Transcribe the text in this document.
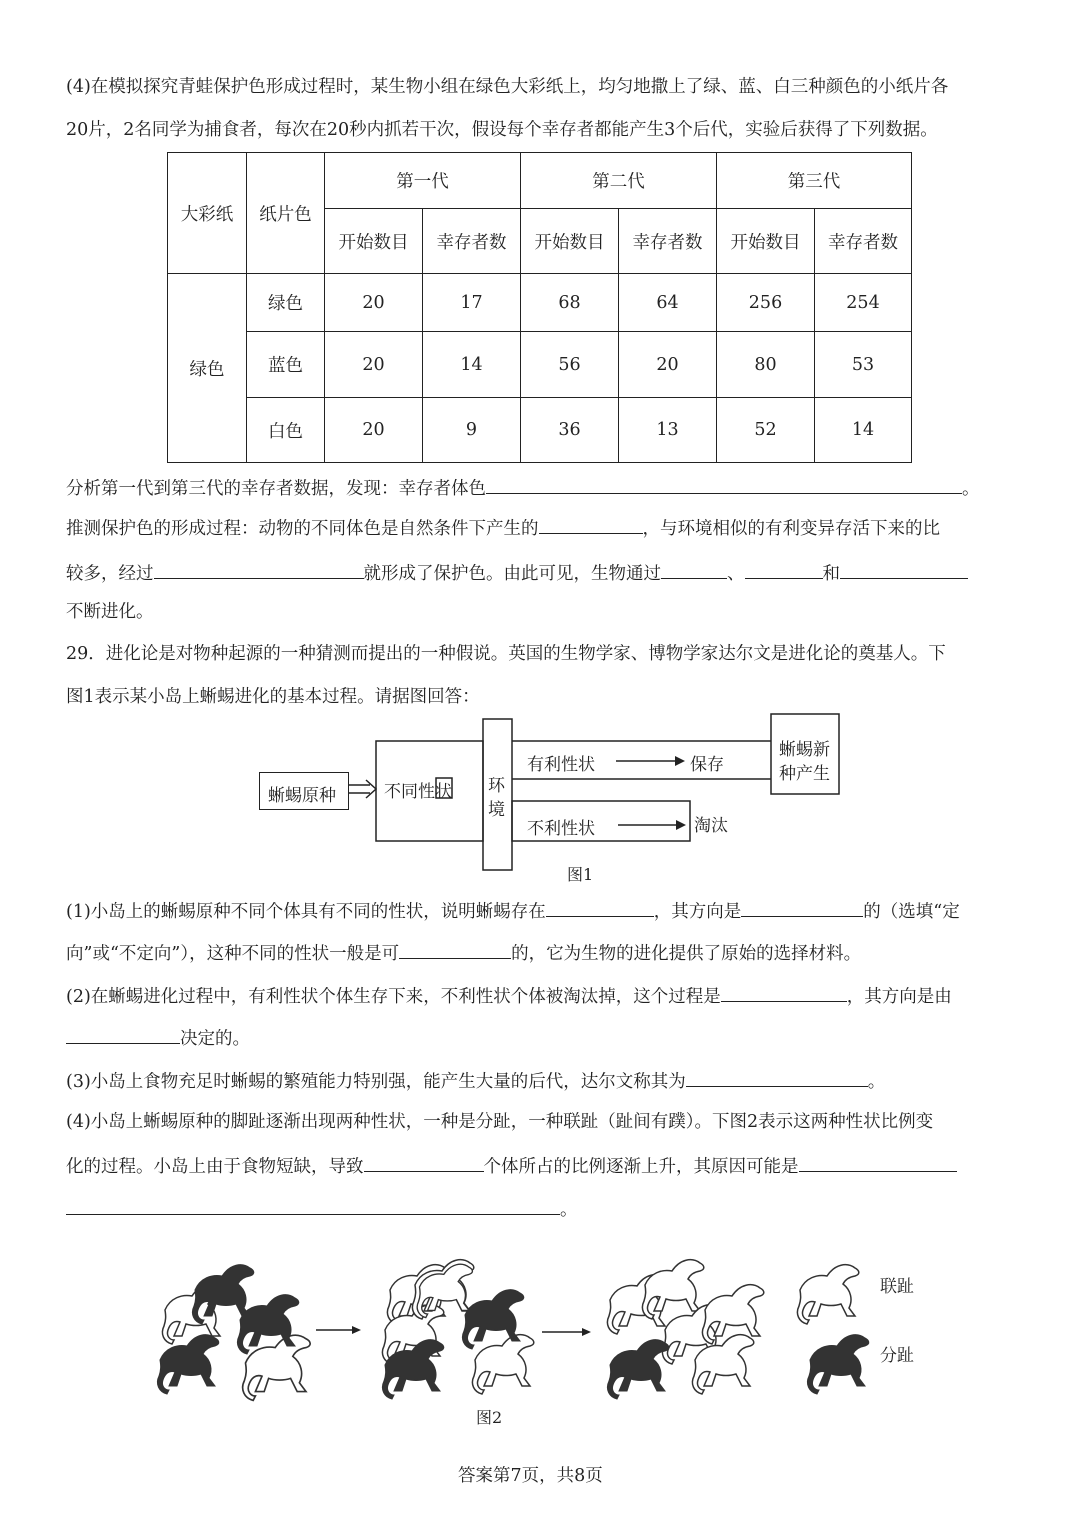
(4)在模拟探究青蛙保护色形成过程时，某生物小组在绿色大彩纸上，均匀地撒上了绿、蓝、白三种颜色的小纸片各
20片，2名同学为捕食者，每次在20秒内抓若干次，假设每个幸存者都能产生3个后代，实验后获得了下列数据。
大彩纸	纸片色	第一代		第二代		第三代	
		开始数目	幸存者数	开始数目	幸存者数	开始数目	幸存者数
绿色	绿色	20	17	68	64	256	254
	蓝色	20	14	56	20	80	53
	白色	20	9	36	13	52	14
分析第一代到第三代的幸存者数据，发现：幸存者体色	。
推测保护色的形成过程：动物的不同体色是自然条件下产生的	，与环境相似的有利变异存活下来的比
较多，经过	就形成了保护色。由此可见，生物通过	、	和
不断进化。
29．进化论是对物种起源的一种猜测而提出的一种假说。英国的生物学家、博物学家达尔文是进化论的奠基人。下
图1表示某小岛上蜥蜴进化的基本过程。请据图回答：
蜥蜴原种	不同性状 环
境
有利性状	保存
不利性状	淘汰
蜥蜴新
种产生
图1
(1)小岛上的蜥蜴原种不同个体具有不同的性状，说明蜥蜴存在	，其方向是	的（选填“定
向”或“不定向”），这种不同的性状一般是可	的，它为生物的进化提供了原始的选择材料。
(2)在蜥蜴进化过程中，有利性状个体生存下来，不利性状个体被淘汰掉，这个过程是	，其方向是由
决定的。
(3)小岛上食物充足时蜥蜴的繁殖能力特别强，能产生大量的后代，达尔文称其为	。
(4)小岛上蜥蜴原种的脚趾逐渐出现两种性状，一种是分趾，一种联趾（趾间有蹼）。下图2表示这两种性状比例变
化的过程。小岛上由于食物短缺，导致	个体所占的比例逐渐上升，其原因可能是
。
联趾
分趾
图2
答案第7页，共8页
